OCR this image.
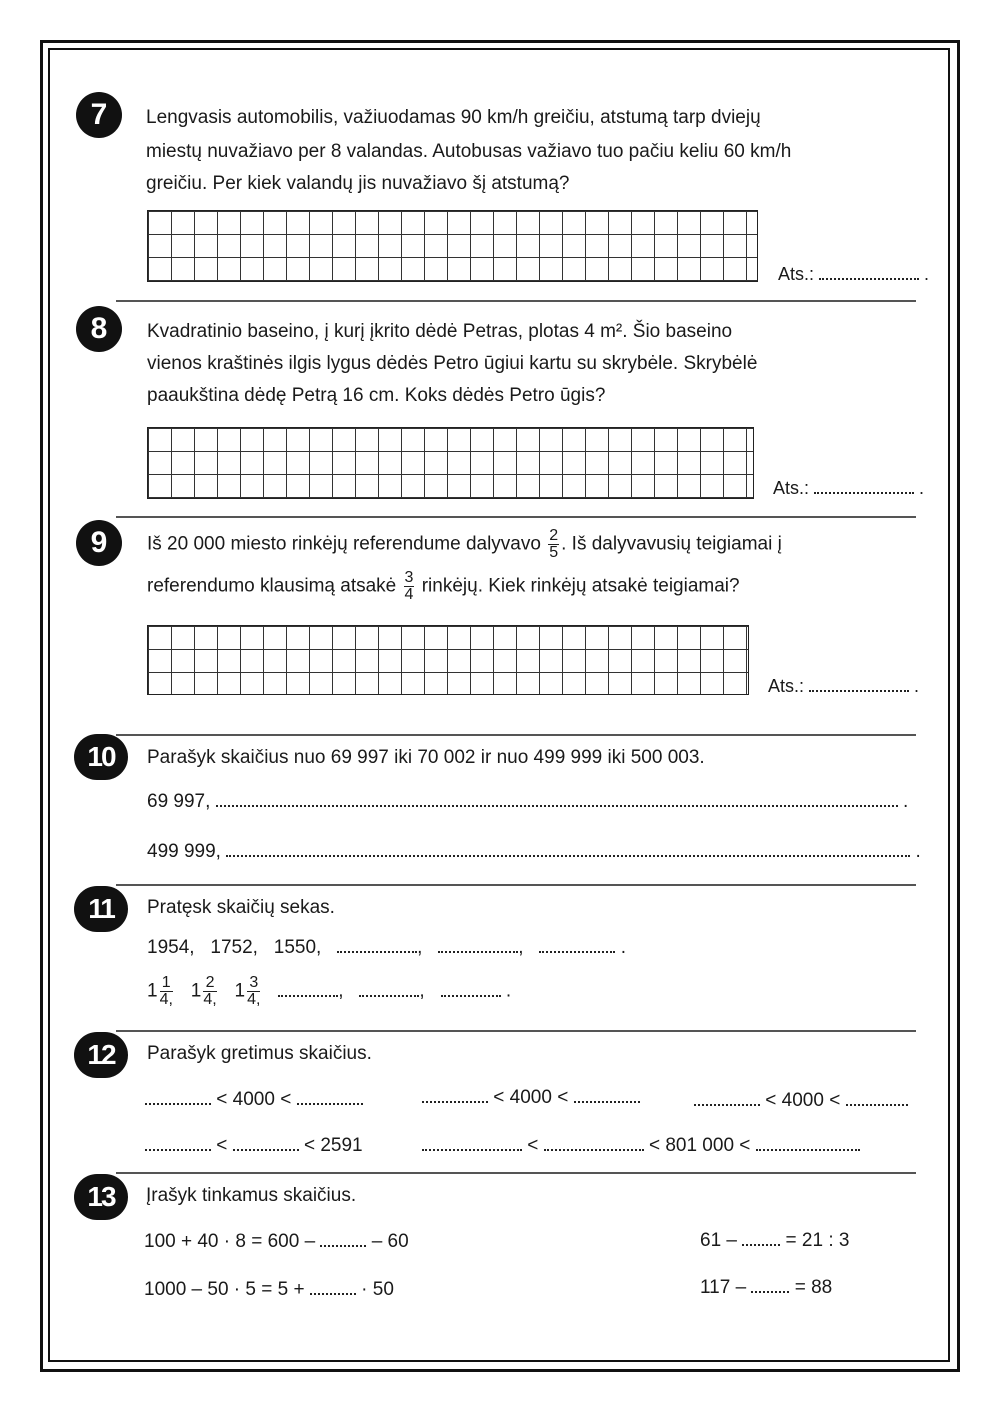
7	Lengvasis automobilis, važiuodamas 90 km/h greičiu, atstumą tarp dviejų
miestų nuvažiavo per 8 valandas. Autobusas važiavo tuo pačiu keliu 60 km/h
greičiu. Per kiek valandų jis nuvažiavo šį atstumą?
Ats.:	.
8	Kvadratinio baseino, į kurį įkrito dėdė Petras, plotas 4 m². Šio baseino
vienos kraštinės ilgis lygus dėdės Petro ūgiui kartu su skrybėle. Skrybėlė
paaukština dėdę Petrą 16 cm. Koks dėdės Petro ūgis?
Ats.:	.
9	Iš 20 000 miesto rinkėjų referendume dalyvavo $\frac{2}{5}$ . Iš dalyvavusių teigiamai į
referendumo klausimą atsakė $\frac{3}{4}$ rinkėjų. Kiek rinkėjų atsakė teigiamai?
Ats.:	.
10	Parašyk skaičius nuo 69 997 iki 70 002 ir nuo 499 999 iki 500 003.
69 997,	.
499 999,	.
11	Pratęsk skaičių sekas.
1954, 1752, 1550,	,	,	.
$1 \frac{1}{4,} 1 \frac{2}{4,} 1 \frac{3}{4,}$	,	,	.
12	Parašyk gretimus skaičius.
< 4000 <	< 4000 <	< 4000 <
<	< 2591	<	< 801 000 <
13	Įrašyk tinkamus skaičius.
100 + 40 · 8 = 600 –	– 60
1000 – 50 · 5 = 5 +	· 50
61 –	= 21 : 3
117 –	= 88
